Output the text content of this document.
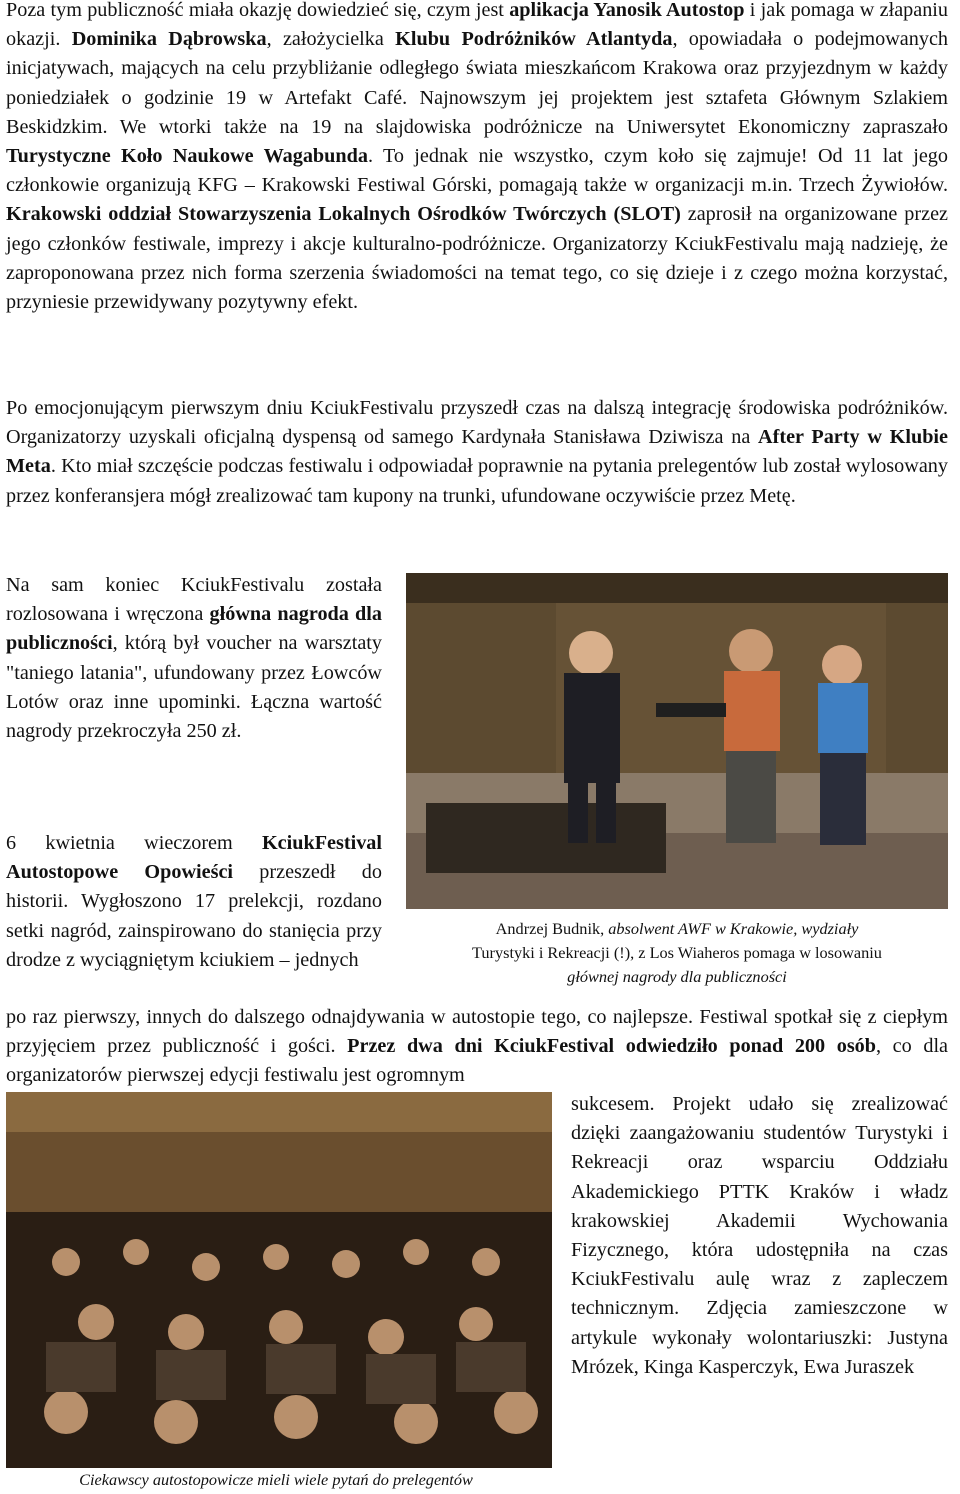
Poza tym publiczność miała okazję dowiedzieć się, czym jest aplikacja Yanosik Autostop i jak pomaga w złapaniu okazji. Dominika Dąbrowska, założycielka Klubu Podróżników Atlantyda, opowiadała o podejmowanych inicjatywach, mających na celu przybliżanie odległego świata mieszkańcom Krakowa oraz przyjezdnym w każdy poniedziałek o godzinie 19 w Artefakt Café. Najnowszym jej projektem jest sztafeta Głównym Szlakiem Beskidzkim. We wtorki także na 19 na slajdowiska podróżnicze na Uniwersytet Ekonomiczny zapraszało Turystyczne Koło Naukowe Wagabunda. To jednak nie wszystko, czym koło się zajmuje! Od 11 lat jego członkowie organizują KFG – Krakowski Festiwal Górski, pomagają także w organizacji m.in. Trzech Żywiołów. Krakowski oddział Stowarzyszenia Lokalnych Ośrodków Twórczych (SLOT) zaprosił na organizowane przez jego członków festiwale, imprezy i akcje kulturalno-podróżnicze. Organizatorzy KciukFestivalu mają nadzieję, że zaproponowana przez nich forma szerzenia świadomości na temat tego, co się dzieje i z czego można korzystać, przyniesie przewidywany pozytywny efekt.

Po emocjonującym pierwszym dniu KciukFestivalu przyszedł czas na dalszą integrację środowiska podróżników. Organizatorzy uzyskali oficjalną dyspensą od samego Kardynała Stanisława Dziwisza na After Party w Klubie Meta. Kto miał szczęście podczas festiwalu i odpowiadał poprawnie na pytania prelegentów lub został wylosowany przez konferansjera mógł zrealizować tam kupony na trunki, ufundowane oczywiście przez Metę.

Na sam koniec KciukFestivalu została rozlosowana i wręczona główna nagroda dla publiczności, którą był voucher na warsztaty "taniego latania", ufundowany przez Łowców Lotów oraz inne upominki. Łączna wartość nagrody przekroczyła 250 zł.

6 kwietnia wieczorem KciukFestival Autostopowe Opowieści przeszedł do historii. Wygłoszono 17 prelekcji, rozdano setki nagród, zainspirowano do stanięcia przy drodze z wyciągniętym kciukiem – jednych

Andrzej Budnik, absolwent AWF w Krakowie, wydziały
Turystyki i Rekreacji (!), z Los Wiaheros pomaga w losowaniu
głównej nagrody dla publiczności

po raz pierwszy, innych do dalszego odnajdywania w autostopie tego, co najlepsze. Festiwal spotkał się z ciepłym przyjęciem przez publiczność i gości. Przez dwa dni KciukFestival odwiedziło ponad 200 osób, co dla organizatorów pierwszej edycji festiwalu jest ogromnym

sukcesem. Projekt udało się zrealizować dzięki zaangażowaniu studentów Turystyki i Rekreacji oraz wsparciu Oddziału Akademickiego PTTK Kraków i władz krakowskiej Akademii Wychowania Fizycznego, która udostępniła na czas KciukFestivalu aulę wraz z zapleczem technicznym. Zdjęcia zamieszczone w artykule wykonały wolontariuszki: Justyna Mrózek, Kinga Kasperczyk, Ewa Juraszek

Ciekawscy autostopowicze mieli wiele pytań do prelegentów
